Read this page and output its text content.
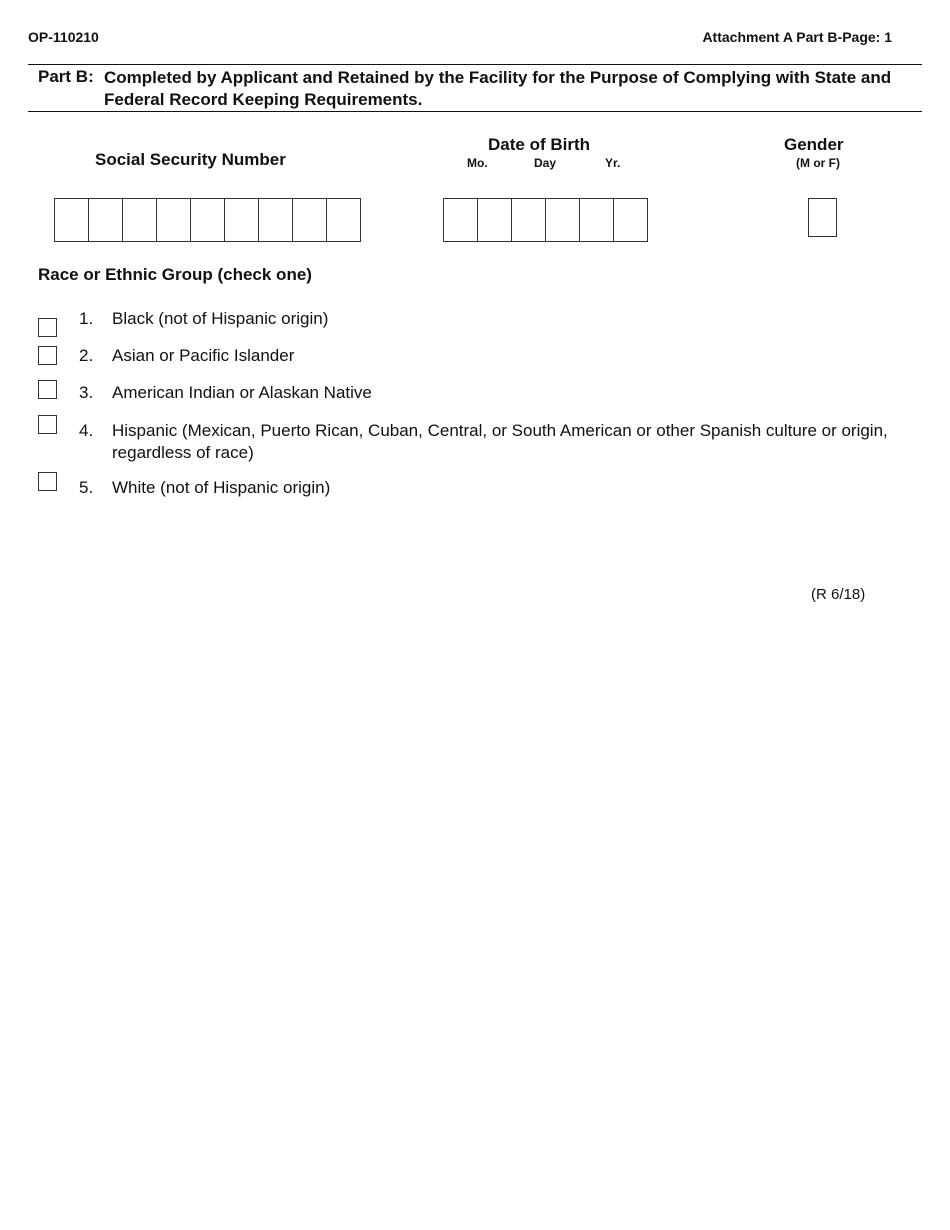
OP-110210	Attachment A Part B-Page: 1
Part B: Completed by Applicant and Retained by the Facility for the Purpose of Complying with State and Federal Record Keeping Requirements.
Social Security Number
Date of Birth
Mo.	Day	Yr.
Gender
(M or F)
Race or Ethnic Group (check one)
1. Black (not of Hispanic origin)
2. Asian or Pacific Islander
3. American Indian or Alaskan Native
4. Hispanic (Mexican, Puerto Rican, Cuban, Central, or South American or other Spanish culture or origin, regardless of race)
5. White (not of Hispanic origin)
(R 6/18)
